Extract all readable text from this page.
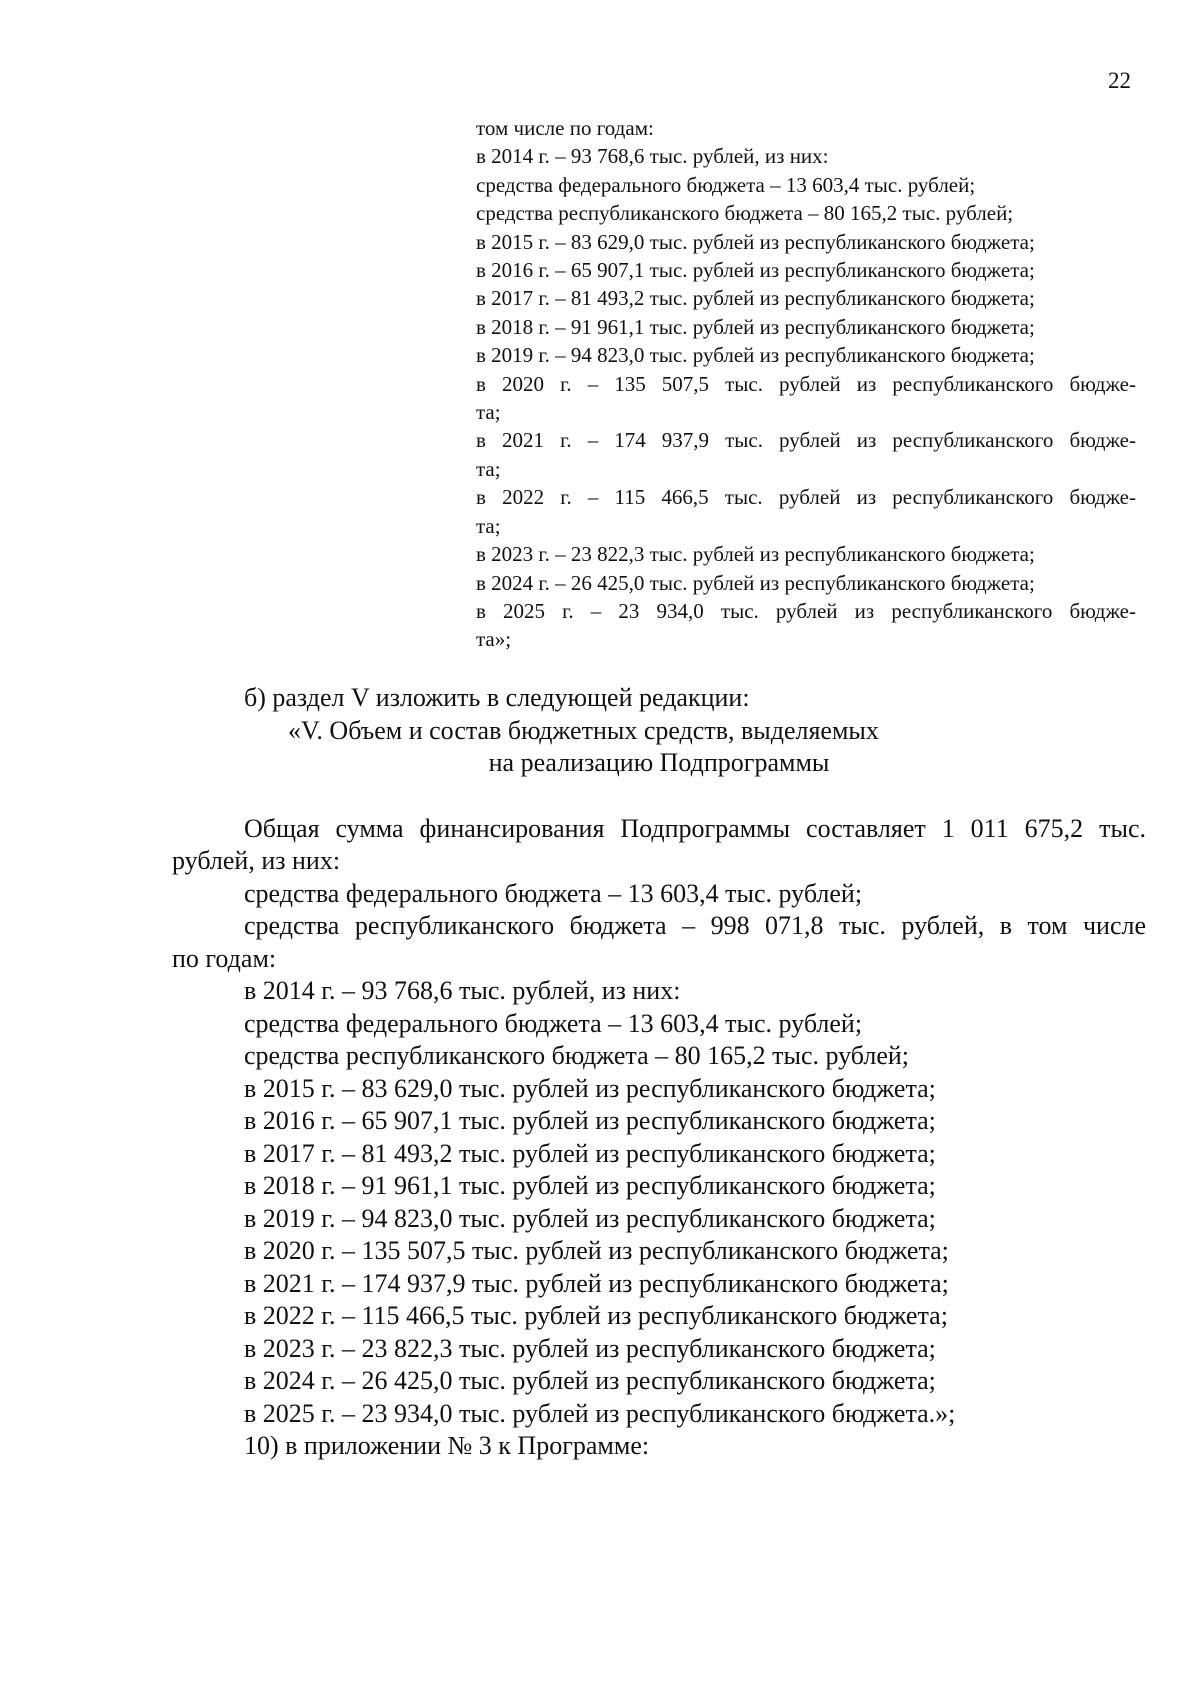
22
том числе по годам:
в 2014 г. – 93 768,6 тыс. рублей, из них:
средства федерального бюджета – 13 603,4 тыс. рублей;
средства республиканского бюджета – 80 165,2 тыс. рублей;
в 2015 г. – 83 629,0 тыс. рублей из республиканского бюджета;
в 2016 г. – 65 907,1 тыс. рублей из республиканского бюджета;
в 2017 г. – 81 493,2 тыс. рублей из республиканского бюджета;
в 2018 г. – 91 961,1 тыс. рублей из республиканского бюджета;
в 2019 г. – 94 823,0 тыс. рублей из республиканского бюджета;
в 2020 г. – 135 507,5 тыс. рублей из республиканского бюдже-
та;
в 2021 г. – 174 937,9 тыс. рублей из республиканского бюдже-
та;
в 2022 г. – 115 466,5 тыс. рублей из республиканского бюдже-
та;
в 2023 г. – 23 822,3 тыс. рублей из республиканского бюджета;
в 2024 г. – 26 425,0 тыс. рублей из республиканского бюджета;
в 2025 г. – 23 934,0 тыс. рублей из республиканского бюдже-
та»;
б) раздел V изложить в следующей редакции:
«V. Объем и состав бюджетных средств, выделяемых
на реализацию Подпрограммы
Общая сумма финансирования Подпрограммы составляет 1 011 675,2 тыс.
рублей, из них:
средства федерального бюджета – 13 603,4 тыс. рублей;
средства республиканского бюджета – 998 071,8 тыс. рублей, в том числе
по годам:
в 2014 г. – 93 768,6 тыс. рублей, из них:
средства федерального бюджета – 13 603,4 тыс. рублей;
средства республиканского бюджета – 80 165,2 тыс. рублей;
в 2015 г. – 83 629,0 тыс. рублей из республиканского бюджета;
в 2016 г. – 65 907,1 тыс. рублей из республиканского бюджета;
в 2017 г. – 81 493,2 тыс. рублей из республиканского бюджета;
в 2018 г. – 91 961,1 тыс. рублей из республиканского бюджета;
в 2019 г. – 94 823,0 тыс. рублей из республиканского бюджета;
в 2020 г. – 135 507,5 тыс. рублей из республиканского бюджета;
в 2021 г. – 174 937,9 тыс. рублей из республиканского бюджета;
в 2022 г. – 115 466,5 тыс. рублей из республиканского бюджета;
в 2023 г. – 23 822,3 тыс. рублей из республиканского бюджета;
в 2024 г. – 26 425,0 тыс. рублей из республиканского бюджета;
в 2025 г. – 23 934,0 тыс. рублей из республиканского бюджета.»;
10) в приложении № 3 к Программе:
